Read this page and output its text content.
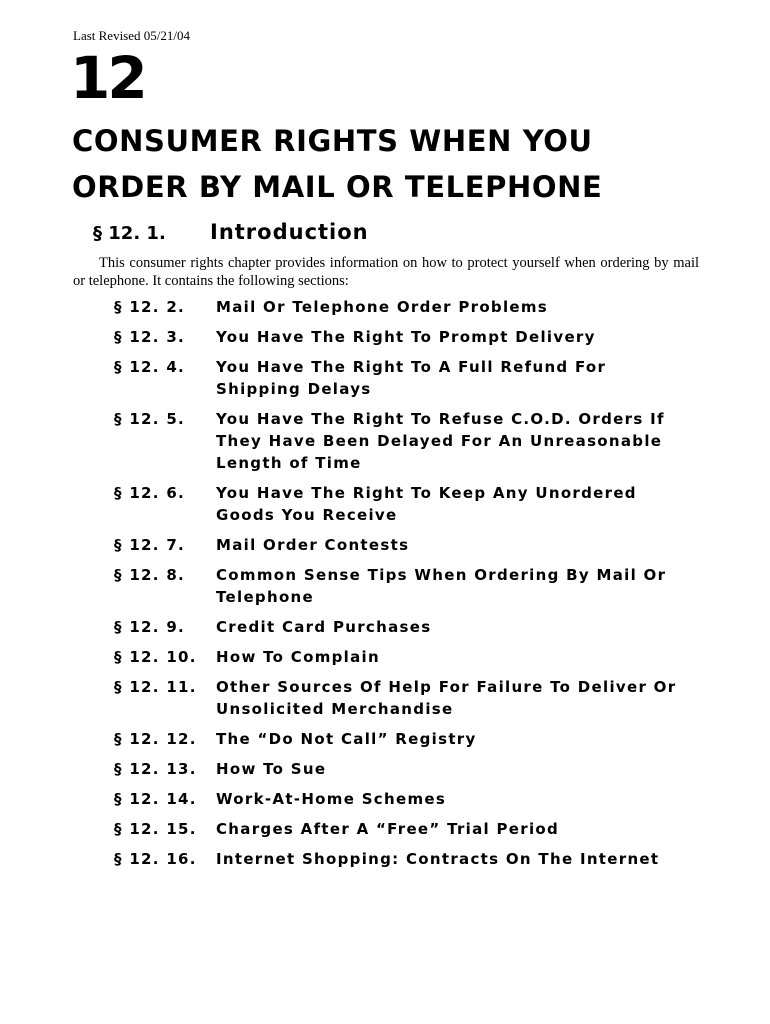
Last Revised 05/21/04
12
CONSUMER RIGHTS WHEN YOU
ORDER BY MAIL OR TELEPHONE
§ 12. 1. Introduction

This consumer rights chapter provides information on how to protect yourself when ordering by mail or telephone. It contains the following sections:

§ 12. 2.	Mail Or Telephone Order Problems
§ 12. 3.	You Have The Right To Prompt Delivery
§ 12. 4.	You Have The Right To A Full Refund For Shipping Delays
§ 12. 5.	You Have The Right To Refuse C.O.D. Orders If They Have Been Delayed For An Unreasonable Length of Time
§ 12. 6.	You Have The Right To Keep Any Unordered Goods You Receive
§ 12. 7.	Mail Order Contests
§ 12. 8.	Common Sense Tips When Ordering By Mail Or Telephone
§ 12. 9.	Credit Card Purchases
§ 12. 10.	How To Complain
§ 12. 11.	Other Sources Of Help For Failure To Deliver Or Unsolicited Merchandise
§ 12. 12.	The “Do Not Call” Registry
§ 12. 13.	How To Sue
§ 12. 14.	Work-At-Home Schemes
§ 12. 15.	Charges After A “Free” Trial Period
§ 12. 16.	Internet Shopping: Contracts On The Internet
